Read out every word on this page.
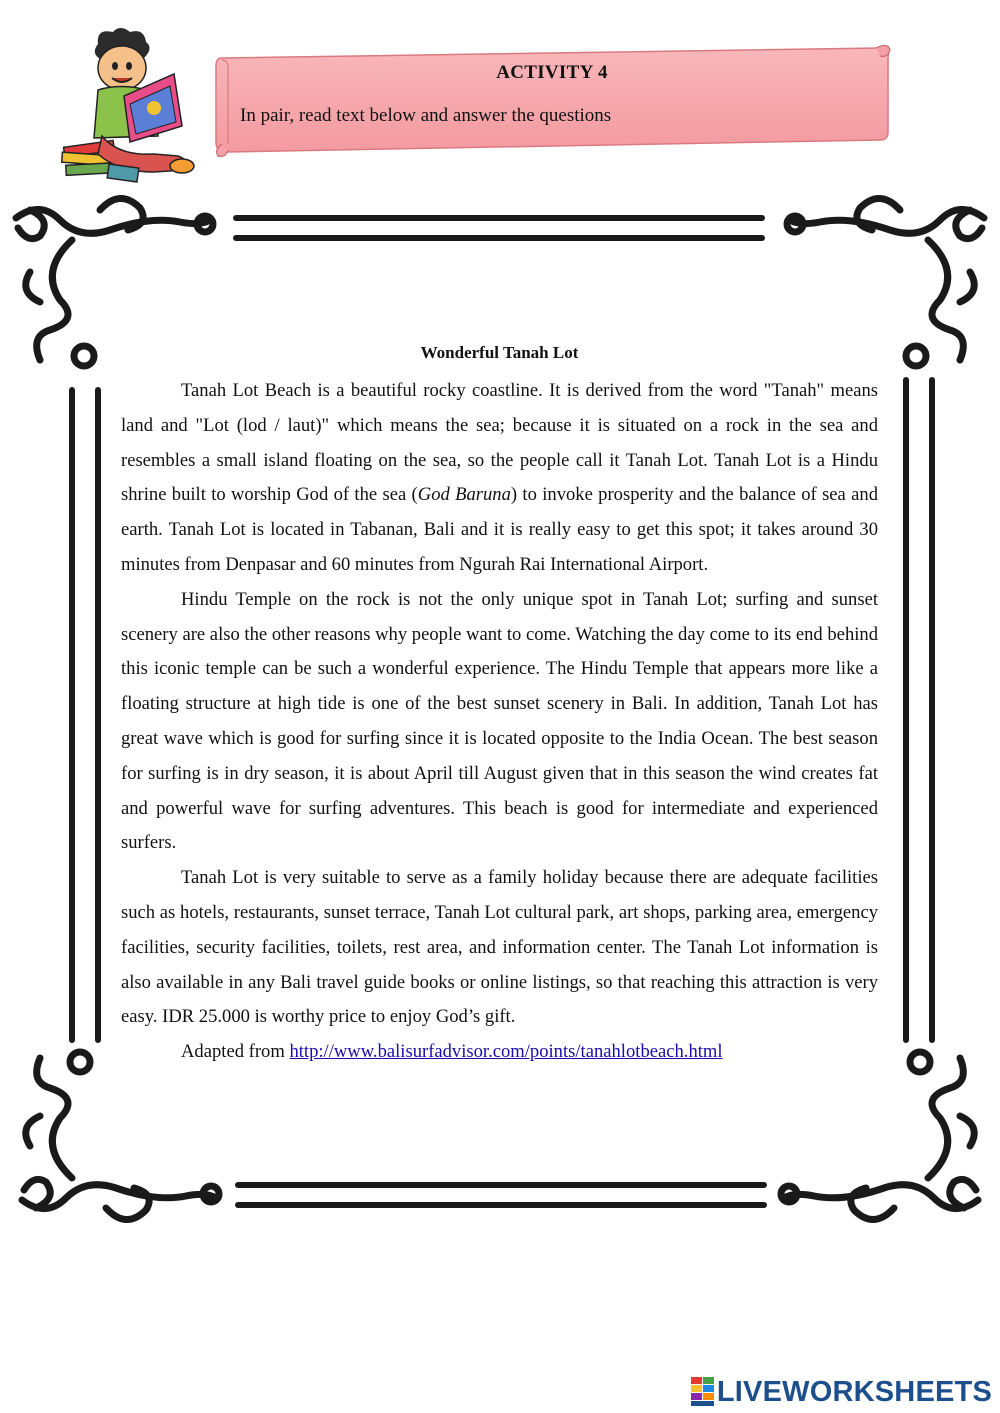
ACTIVITY 4
In pair, read text below and answer the questions
Wonderful Tanah Lot

Tanah Lot Beach is a beautiful rocky coastline. It is derived from the word "Tanah" means land and "Lot (lod / laut)" which means the sea; because it is situated on a rock in the sea and resembles a small island floating on the sea, so the people call it Tanah Lot. Tanah Lot is a Hindu shrine built to worship God of the sea (God Baruna) to invoke prosperity and the balance of sea and earth. Tanah Lot is located in Tabanan, Bali and it is really easy to get this spot; it takes around 30 minutes from Denpasar and 60 minutes from Ngurah Rai International Airport.

Hindu Temple on the rock is not the only unique spot in Tanah Lot; surfing and sunset scenery are also the other reasons why people want to come. Watching the day come to its end behind this iconic temple can be such a wonderful experience. The Hindu Temple that appears more like a floating structure at high tide is one of the best sunset scenery in Bali. In addition, Tanah Lot has great wave which is good for surfing since it is located opposite to the India Ocean. The best season for surfing is in dry season, it is about April till August given that in this season the wind creates fat and powerful wave for surfing adventures. This beach is good for intermediate and experienced surfers.

Tanah Lot is very suitable to serve as a family holiday because there are adequate facilities such as hotels, restaurants, sunset terrace, Tanah Lot cultural park, art shops, parking area, emergency facilities, security facilities, toilets, rest area, and information center. The Tanah Lot information is also available in any Bali travel guide books or online listings, so that reaching this attraction is very easy. IDR 25.000 is worthy price to enjoy God’s gift.

Adapted from http://www.balisurfadvisor.com/points/tanahlotbeach.html

LIVEWORKSHEETS
